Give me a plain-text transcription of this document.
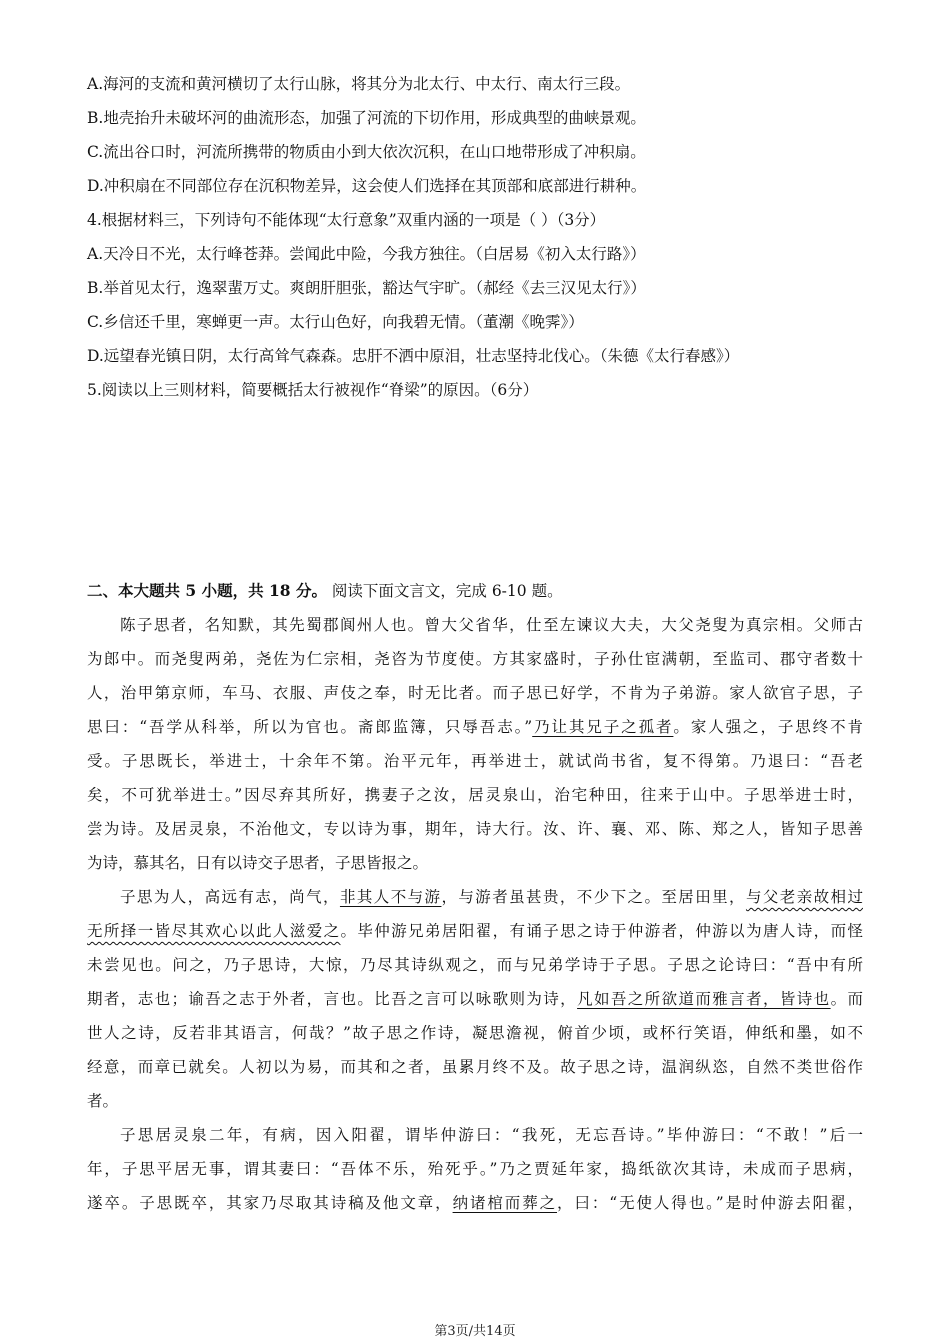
A.海河的支流和黄河横切了太行山脉，将其分为北太行、中太行、南太行三段。
B.地壳抬升未破坏河的曲流形态，加强了河流的下切作用，形成典型的曲峡景观。
C.流出谷口时，河流所携带的物质由小到大依次沉积，在山口地带形成了冲积扇。
D.冲积扇在不同部位存在沉积物差异，这会使人们选择在其顶部和底部进行耕种。
4.根据材料三，下列诗句不能体现“太行意象”双重内涵的一项是（ ）（3分）
A.天冷日不光，太行峰苍莽。尝闻此中险，今我方独往。（白居易《初入太行路》）
B.举首见太行，逸翠蜚万丈。爽朗肝胆张，豁达气宇旷。（郝经《去三汉见太行》）
C.乡信还千里，寒蝉更一声。太行山色好，向我碧无情。（董潮《晚霁》）
D.远望春光镇日阴，太行高耸气森森。忠肝不洒中原泪，壮志坚持北伐心。（朱德《太行春感》）
5.阅读以上三则材料，简要概括太行被视作“脊梁”的原因。（6分）
二、本大题共 5 小题，共 18 分。 阅读下面文言文，完成 6-10 题。
陈子思者，名知默，其先蜀郡阆州人也。曾大父省华，仕至左谏议大夫，大父尧叟为真宗相。父师古
为郎中。而尧叟两弟，尧佐为仁宗相，尧咨为节度使。方其家盛时，子孙仕宦满朝，至监司、郡守者数十
人，治甲第京师，车马、衣服、声伎之奉，时无比者。而子思已好学，不肯为子弟游。家人欲官子思，子
思曰：“吾学从科举，所以为官也。斋郎监簿，只辱吾志。”乃让其兄子之孤者。家人强之，子思终不肯
受。子思既长，举进士，十余年不第。治平元年，再举进士，就试尚书省，复不得第。乃退曰：“吾老
矣，不可犹举进士。”因尽弃其所好，携妻子之汝，居灵泉山，治宅种田，往来于山中。子思举进士时，
尝为诗。及居灵泉，不治他文，专以诗为事，期年，诗大行。汝、许、襄、邓、陈、郑之人，皆知子思善
为诗，慕其名，日有以诗交子思者，子思皆报之。
子思为人，高远有志，尚气，非其人不与游，与游者虽甚贵，不少下之。至居田里，与父老亲故相过
无所择一皆尽其欢心以此人滋爱之。毕仲游兄弟居阳翟，有诵子思之诗于仲游者，仲游以为唐人诗，而怪
未尝见也。问之，乃子思诗，大惊，乃尽其诗纵观之，而与兄弟学诗于子思。子思之论诗曰：“吾中有所
期者，志也；谕吾之志于外者，言也。比吾之言可以咏歌则为诗，凡如吾之所欲道而雅言者，皆诗也。而
世人之诗，反若非其语言，何哉？”故子思之作诗，凝思澹视，俯首少顷，或杯行笑语，伸纸和墨，如不
经意，而章已就矣。人初以为易，而其和之者，虽累月终不及。故子思之诗，温润纵恣，自然不类世俗作
者。
子思居灵泉二年，有病，因入阳翟，谓毕仲游曰：“我死，无忘吾诗。”毕仲游曰：“不敢！”后一
年，子思平居无事，谓其妻曰：“吾体不乐，殆死乎。”乃之贾延年家，捣纸欲次其诗，未成而子思病，
遂卒。子思既卒，其家乃尽取其诗稿及他文章，纳诸棺而葬之，曰：“无使人得也。”是时仲游去阳翟，
第3页/共14页
